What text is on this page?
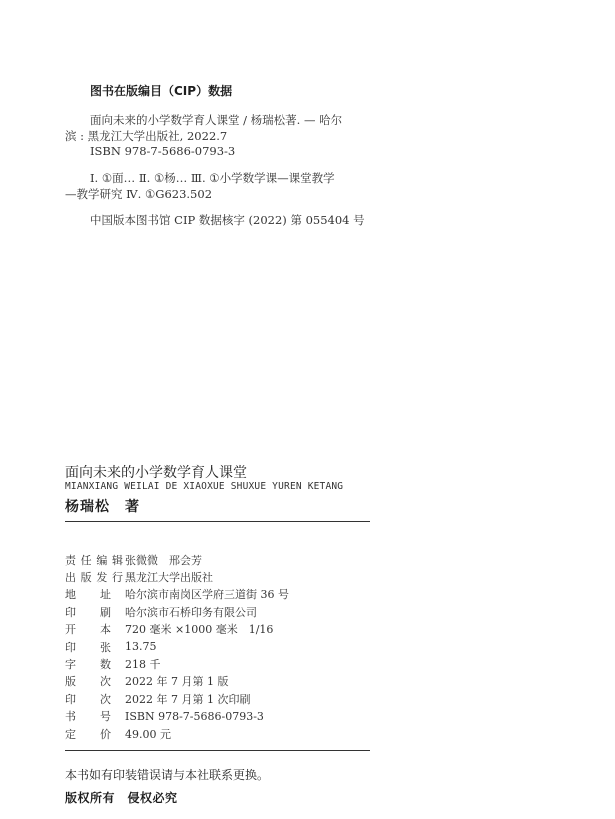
图书在版编目（CIP）数据
面向未来的小学数学育人课堂 / 杨瑞松著. — 哈尔
滨 : 黑龙江大学出版社, 2022.7
ISBN 978-7-5686-0793-3
Ⅰ. ①面… Ⅱ. ①杨… Ⅲ. ①小学数学课—课堂教学
—教学研究 Ⅳ. ①G623.502
中国版本图书馆 CIP 数据核字 (2022) 第 055404 号
面向未来的小学数学育人课堂
MIANXIANG WEILAI DE XIAOXUE SHUXUE YUREN KETANG
杨瑞松　著
责 任 编 辑 张微微　邢会芳
出 版 发 行 黑龙江大学出版社
地 址 哈尔滨市南岗区学府三道街 36 号
印 刷 哈尔滨市石桥印务有限公司
开 本 720 毫米 ×1000 毫米　1/16
印 张 13.75
字 数 218 千
版 次 2022 年 7 月第 1 版
印 次 2022 年 7 月第 1 次印刷
书 号 ISBN 978-7-5686-0793-3
定 价 49.00 元
本书如有印装错误请与本社联系更换。
版权所有　侵权必究
